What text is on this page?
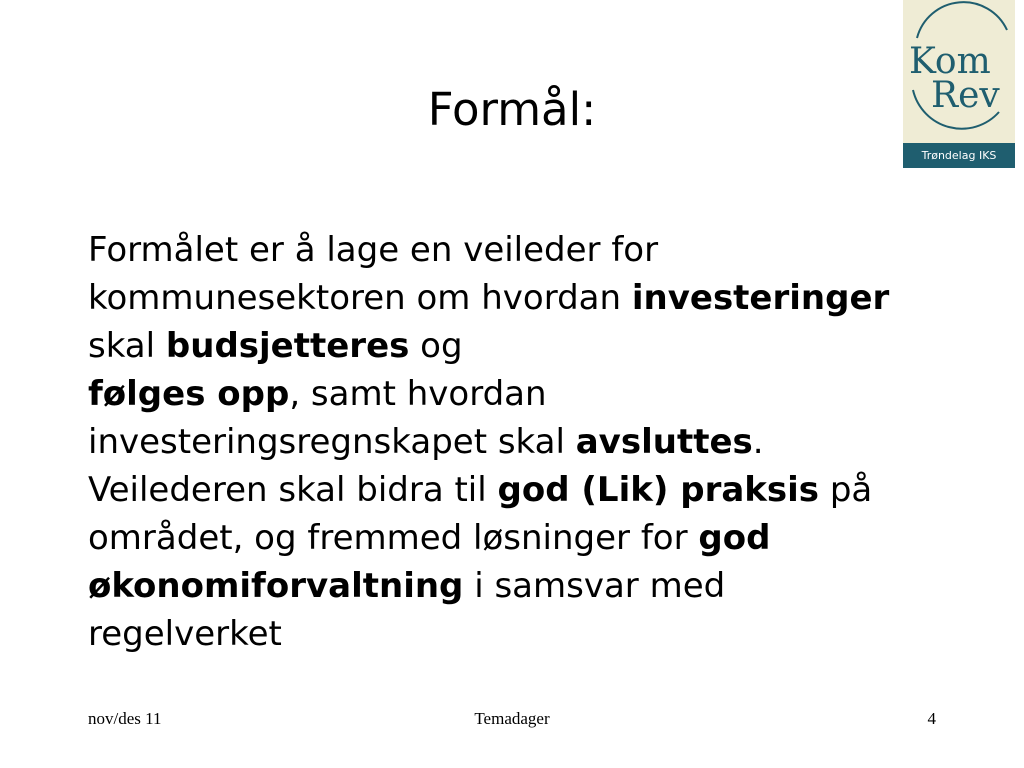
Formål:

Formålet er å lage en veileder for kommunesektoren om hvordan investeringer skal budsjetteres og
følges opp, samt hvordan investeringsregnskapet skal avsluttes. Veilederen skal bidra til god (Lik) praksis på området, og fremmed løsninger for god økonomiforvaltning i samsvar med regelverket

Kom
Rev
Trøndelag IKS
nov/des 11	Temadager	4
